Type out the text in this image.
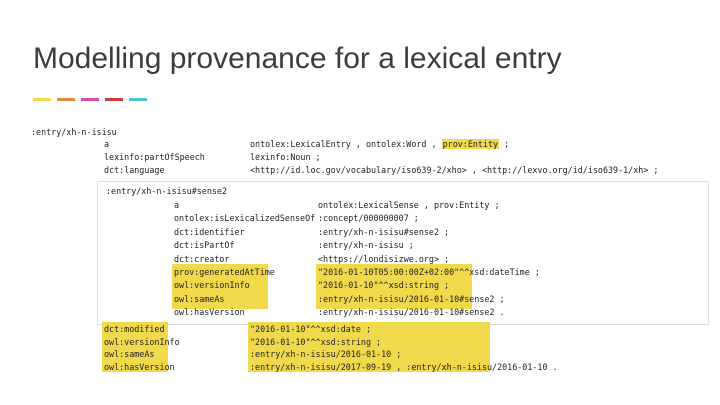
Modelling provenance for a lexical entry
:entry/xh-n-isisu
a	ontolex:LexicalEntry , ontolex:Word , prov:Entity ;
lexinfo:partOfSpeech	lexinfo:Noun ;
dct:language	<http://id.loc.gov/vocabulary/iso639-2/xho> , <http://lexvo.org/id/iso639-1/xh> ;
:entry/xh-n-isisu#sense2
a	ontolex:LexicalSense , prov:Entity ;
ontolex:isLexicalizedSenseOf :concept/000000007 ;
dct:identifier	:entry/xh-n-isisu#sense2 ;
dct:isPartOf	:entry/xh-n-isisu ;
dct:creator	<https://londisizwe.org> ;
prov:generatedAtTime	"2016-01-10T05:00:00Z+02:00"^^xsd:dateTime ;
owl:versionInfo	"2016-01-10"^^xsd:string ;
owl:sameAs	:entry/xh-n-isisu/2016-01-10#sense2 ;
owl:hasVersion	:entry/xh-n-isisu/2016-01-10#sense2 .
dct:modified	"2016-01-10"^^xsd:date ;
owl:versionInfo	"2016-01-10"^^xsd:string ;
owl:sameAs	:entry/xh-n-isisu/2016-01-10 ;
owl:hasVersion	:entry/xh-n-isisu/2017-09-19 , :entry/xh-n-isisu/2016-01-10 .
